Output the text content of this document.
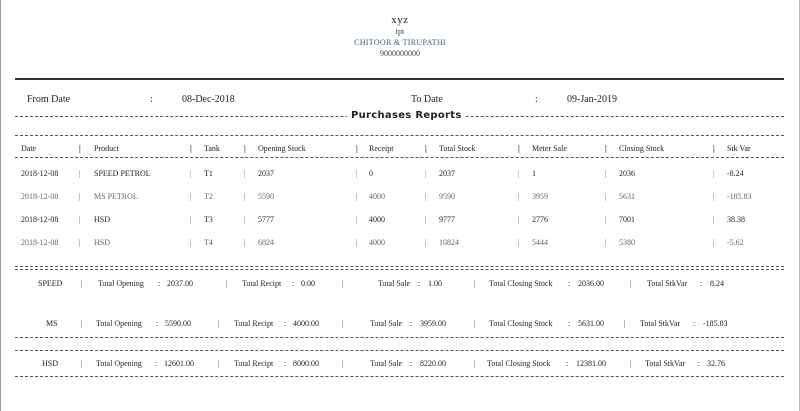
xyz
tpt
CHITOOR & TIRUPATHI
9000000000
From Date	:	08-Dec-2018	To Date	:	09-Jan-2019
Purchases Reports
Date	| Product	| Tank	| Opening Stock	| Receipt	| Total Stock	| Meter Sale	| Closing Stock	| Stk Var
2018-12-08	| SPEED PETROL	| T1	| 2037	| 0	| 2037	| 1	| 2036	| -8.24
2018-12-08	| MS PETROL	| T2	| 5590	| 4000	| 9590	| 3959	| 5631	| -185.83
2018-12-08	| HSD	| T3	| 5777	| 4000	| 9777	| 2776	| 7001	| 38.38
2018-12-08	| HSD	| T4	| 6824	| 4000	| 10824	| 5444	| 5380	| -5.62
SPEED | Total Opening : 2037.00	| Total Recipt : 0.00	|	Total Sale : 1.00	| Total Closing Stock : 2036.00	| Total StkVar : 8.24
MS	| Total Opening : 5590.00	| Total Recipt : 4000.00	|	Total Sale : 3959.00	| Total Closing Stock : 5631.00	| Total StkVar : -185.83
HSD	| Total Opening : 12601.00	| Total Recipt : 8000.00	|	Total Sale : 8220.00	| Total Closing Stock : 12381.00	| Total StkVar : 32.76
